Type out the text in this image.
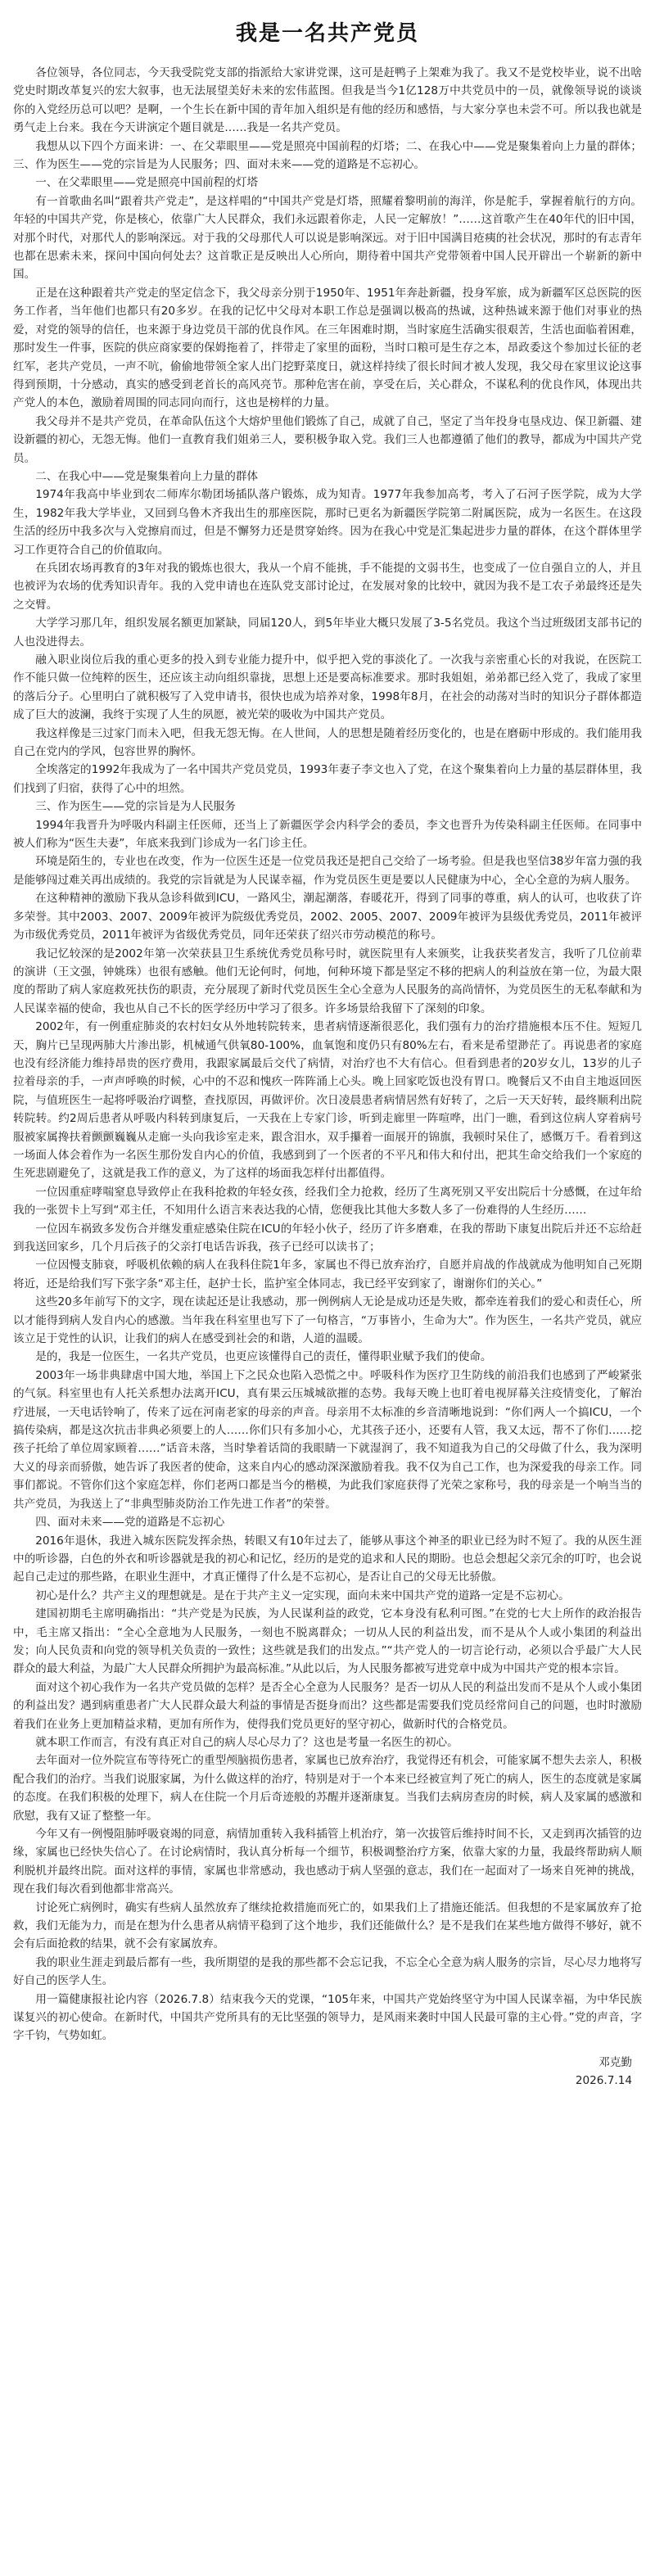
我是一名共产党员

各位领导，各位同志，今天我受院党支部的指派给大家讲党课，这可是赶鸭子上架难为我了。我又不是党校毕业，说不出啥党史时期改革复兴的宏大叙事，也无法展望美好未来的宏伟蓝图。但我是当今1亿128万中共党员中的一员，就像领导说的谈谈你的入党经历总可以吧？是啊，一个生长在新中国的青年加入组织是有他的经历和感悟，与大家分享也未尝不可。所以我也就是勇气走上台来。我在今天讲演定个题目就是……我是一名共产党员。

我想从以下四个方面来讲：一、在父辈眼里——党是照亮中国前程的灯塔；二、在我心中——党是聚集着向上力量的群体；三、作为医生——党的宗旨是为人民服务；四、面对未来——党的道路是不忘初心。

一、在父辈眼里——党是照亮中国前程的灯塔

有一首歌曲名叫“跟着共产党走”，是这样唱的“中国共产党是灯塔，照耀着黎明前的海洋，你是舵手，掌握着航行的方向。年轻的中国共产党，你是核心，依靠广大人民群众，我们永远跟着你走，人民一定解放！”……这首歌产生在40年代的旧中国，对那个时代，对那代人的影响深远。对于我的父母那代人可以说是影响深远。对于旧中国满目疮痍的社会状况，那时的有志青年也都在思索未来，探问中国向何处去？这首歌正是反映出人心所向，期待着中国共产党带领着中国人民开辟出一个崭新的新中国。

正是在这种跟着共产党走的坚定信念下，我父母亲分别于1950年、1951年奔赴新疆，投身军旅，成为新疆军区总医院的医务工作者，当年他们也都只有20多岁。在我的记忆中父母对本职工作总是强调以极高的热诚，这种热诚来源于他们对事业的热爱，对党的领导的信任，也来源于身边党员干部的优良作风。在三年困难时期，当时家庭生活确实很艰苦，生活也面临着困难，那时发生一件事，医院的供应商家要的保姆拖着了，拌带走了家里的面粉，当时口粮可是生存之本，昂政委这个参加过长征的老红军，老共产党员，一声不吭，偷偷地带领全家人出门挖野菜度日，就这样持续了很长时间才被人发现，我父母在家里议论这事得到预期，十分感动，真实的感受到老首长的高风亮节。那种危害在前，享受在后，关心群众，不谋私利的优良作风，体现出共产党人的本色，激励着周围的同志同向而行，这也是榜样的力量。

我父母并不是共产党员，在革命队伍这个大熔炉里他们锻炼了自己，成就了自己，坚定了当年投身屯垦戍边、保卫新疆、建设新疆的初心，无怨无悔。他们一直教育我们姐弟三人，要积极争取入党。我们三人也都遵循了他们的教导，都成为中国共产党员。

二、在我心中——党是聚集着向上力量的群体

1974年我高中毕业到农二师库尔勒团场插队落户锻炼，成为知青。1977年我参加高考，考入了石河子医学院，成为大学生，1982年我大学毕业，又回到乌鲁木齐我出生的那座医院，那时已更名为新疆医学院第二附属医院，成为一名医生。在这段生活的经历中我多次与入党擦肩而过，但是不懈努力还是贯穿始终。因为在我心中党是汇集起进步力量的群体，在这个群体里学习工作更符合自己的价值取向。

在兵团农场再教育的3年对我的锻炼也很大，我从一个肩不能挑，手不能提的文弱书生，也变成了一位自强自立的人，并且也被评为农场的优秀知识青年。我的入党申请也在连队党支部讨论过，在发展对象的比较中，就因为我不是工农子弟最终还是失之交臂。

大学学习那几年，组织发展名额更加紧缺，同届120人，到5年毕业大概只发展了3-5名党员。我这个当过班级团支部书记的人也没进得去。

融入职业岗位后我的重心更多的投入到专业能力提升中，似乎把入党的事淡化了。一次我与亲密重心长的对我说，在医院工作不能只做一位纯粹的医生，还应该主动向组织靠拢，思想上还是要高标准要求。那时我姐姐，弟弟都已经入党了，我成了家里的落后分子。心里明白了就积极写了入党申请书，很快也成为培养对象，1998年8月，在社会的动荡对当时的知识分子群体都造成了巨大的波澜，我终于实现了人生的夙愿，被光荣的吸收为中国共产党员。

我这样像是三过家门而未入吧，但我无怨无悔。在人世间，人的思想是随着经历变化的，也是在磨砺中形成的。我们能用我自己在党内的学风，包容世界的胸怀。

全埃落定的1992年我成为了一名中国共产党员党员，1993年妻子李文也入了党，在这个聚集着向上力量的基层群体里，我们找到了归宿，获得了心中的坦然。

三、作为医生——党的宗旨是为人民服务

1994年我晋升为呼吸内科副主任医师，还当上了新疆医学会内科学会的委员，李文也晋升为传染科副主任医师。在同事中被人们称为“医生夫妻”，年底来我到门诊成为一名门诊主任。

环境是陌生的，专业也在改变，作为一位医生还是一位党员我还是把自己交给了一场考验。但是我也坚信38岁年富力强的我是能够闯过难关再出成绩的。我党的宗旨就是为人民谋幸福，作为党员医生更是要以人民健康为中心，全心全意的为病人服务。

在这种精神的激励下我从急诊科做到ICU，一路风尘，潮起潮落，春暖花开，得到了同事的尊重，病人的认可，也收获了许多荣誉。其中2003、2007、2009年被评为院级优秀党员，2002、2005、2007、2009年被评为县级优秀党员，2011年被评为市级优秀党员，2011年被评为省级优秀党员，同年还荣获了绍兴市劳动模范的称号。

我记忆较深的是2002年第一次荣获县卫生系统优秀党员称号时，就医院里有人来颁奖，让我获奖者发言，我听了几位前辈的演讲（王文强，钟姚珠）也很有感触。他们无论何时，何地，何种环境下都是坚定不移的把病人的利益放在第一位，为最大限度的帮助了病人家庭救死扶伤的职责，充分展现了新时代党员医生全心全意为人民服务的高尚情怀，为党员医生的无私奉献和为人民谋幸福的使命，我也从自己不长的医学经历中学习了很多。许多场景给我留下了深刻的印象。

2002年，有一例重症肺炎的农村妇女从外地转院转来，患者病情逐渐很恶化，我们强有力的治疗措施根本压不住。短短几天，胸片已呈现两肺大片渗出影，机械通气供氧80-100%，血氧饱和度仍只有80%左右，看来是希望渺茫了。再说患者的家庭也没有经济能力维持昂贵的医疗费用，我跟家属最后交代了病情，对治疗也不大有信心。但看到患者的20岁女儿，13岁的儿子拉着母亲的手，一声声呼唤的时候，心中的不忍和愧疚一阵阵涌上心头。晚上回家吃饭也没有胃口。晚餐后又不由自主地返回医院，与值班医生一起将呼吸治疗调整，查找原因，再做评价。次日凌晨患者病情居然有好转了，之后一天天好转，最终顺利出院转院转。约2周后患者从呼吸内科转到康复后，一天我在上专家门诊，听到走廊里一阵喧哗，出门一瞧，看到这位病人穿着病号服被家属搀扶着颤颤巍巍从走廊一头向我诊室走来，跟含泪水，双手攥着一面展开的锦旗，我顿时呆住了，感慨万千。看着到这一场面人体会着作为一名医生那份发自内心的价值，我感到到了一个医者的不平凡和伟大和付出，把其生命交给我们一个家庭的生死悲剧避免了，这就是我工作的意义，为了这样的场面我怎样付出都值得。

一位因重症哮喘窒息导致停止在我科抢救的年轻女孩，经我们全力抢救，经历了生离死别又平安出院后十分感慨，在过年给我的一张贺卡上写到“邓主任，不知用什么语言来表达我的心情，您便我比其他大多数人多了一份难得的人生经历……

一位因车祸致多发伤合并继发重症感染住院在ICU的年轻小伙子，经历了许多磨难，在我的帮助下康复出院后并还不忘给赶到我送回家乡，几个月后孩子的父亲打电话告诉我，孩子已经可以读书了；

一位因慢支肺衰，呼吸机依赖的病人在我科住院1年多，家属也不得已放弃治疗，自愿并肩战的作战就成为他明知自己死期将近，还是给我们写下张字条“邓主任，赵护士长，监护室全体同志，我已经平安到家了，谢谢你们的关心。”

这些20多年前写下的文字，现在读起还是让我感动，那一例例病人无论是成功还是失败，都牵连着我们的爱心和责任心，所以才能得到病人发自内心的感激。当年我在科室里也写下了一句格言，“万事皆小，生命为大”。作为医生，一名共产党员，就应该立足于党性的认识，让我们的病人在感受到社会的和谐，人道的温暖。

是的，我是一位医生，一名共产党员，也更应该懂得自己的责任，懂得职业赋予我们的使命。

2003年一场非典肆虐中国大地，举国上下之民众也陷入恐慌之中。呼吸科作为医疗卫生防线的前沿我们也感到了严峻紧张的气氛。科室里也有人托关系想办法离开ICU，真有果云压城城欲摧的态势。我每天晚上也盯着电视屏幕关注疫情变化，了解治疗进展，一天电话铃响了，传来了远在河南老家的母亲的声音。母亲用不太标准的乡音清晰地说到：“你们两人一个搞ICU，一个搞传染病，都是这次抗击非典必须要上的人……你们只有多加小心，尤其孩子还小，还要有人管，我又太远，帮不了你们……挖孩子托给了单位周家顾着……”话音未落，当时挚着话筒的我眼睛一下就湿润了，我不知道我为自己的父母做了什么，我为深明大义的母亲而骄傲，她告诉了我医者的使命，这来自内心的感动深深激励着我。我不仅为自己工作，也为深爱我的母亲工作。同事们都说。不管你们这个家庭怎样，你们老两口都是当今的楷模，为此我们家庭获得了光荣之家称号，我的母亲是一个响当当的共产党员，为我送上了“非典型肺炎防治工作先进工作者”的荣誉。

四、面对未来——党的道路是不忘初心

2016年退休，我进入城东医院发挥余热，转眼又有10年过去了，能够从事这个神圣的职业已经为时不短了。我的从医生涯中的听诊器，白色的外衣和听诊器就是我的初心和记忆，经历的是党的追求和人民的期盼。也总会想起父亲冗余的叮咛，也会说起自己走过的那些路，在职业生涯中，才真正懂得了什么是不忘初心，是否让自己的父母无比骄傲。

初心是什么？共产主义的理想就是。是在于共产主义一定实现，面向未来中国共产党的道路一定是不忘初心。

建国初期毛主席明确指出：“共产党是为民族，为人民谋利益的政党，它本身没有私利可图。”在党的七大上所作的政治报告中，毛主席又指出：“全心全意地为人民服务，一刻也不脱离群众；一切从人民的利益出发，而不是从个人或小集团的利益出发；向人民负责和向党的领导机关负责的一致性；这些就是我们的出发点。”“共产党人的一切言论行动，必须以合乎最广大人民群众的最大利益，为最广大人民群众所拥护为最高标准。”从此以后，为人民服务都被写进党章中成为中国共产党的根本宗旨。

面对这个初心我作为一名共产党员做的怎样？是否全心全意为人民服务？是否一切从人民的利益出发而不是从个人或小集团的利益出发？遇到病重患者广大人民群众最大利益的事情是否挺身而出？这些都是需要我们党员经常问自己的问题，也时时激励着我们在业务上更加精益求精，更加有所作为，使得我们党员更好的坚守初心，做新时代的合格党员。

就本职工作而言，有没有真正对自己的病人尽心尽力了？这也是考量一名医生的初心。

去年面对一位外院宣布等待死亡的重型颅脑损伤患者，家属也已放弃治疗，我觉得还有机会，可能家属不想失去亲人，积极配合我们的治疗。当我们说服家属，为什么做这样的治疗，特别是对于一个本来已经被宣判了死亡的病人，医生的态度就是家属的态度。在我们积极的处理下，病人在住院一个月后奇迹般的苏醒并逐渐康复。当我们去病房查房的时候，病人及家属的感激和欣慰，我有又证了整整一年。

今年又有一例慢阻肺呼吸衰竭的同意，病情加重转入我科插管上机治疗，第一次拔管后维持时间不长，又走到再次插管的边缘，家属也已经快失信心了。在讨论病情时，我认真分析每一个细节，积极调整治疗方案，依靠大家的力量，我最终帮助病人顺利脱机并最终出院。面对这样的事情，家属也非常感动，我也感动于病人坚强的意志，我们在一起面对了一场来自死神的挑战，现在我们每次看到他都非常高兴。

讨论死亡病例时，确实有些病人虽然放弃了继续抢救措施而死亡的，如果我们上了措施还能活。但我想的不是家属放弃了抢救，我们无能为力，而是在想为什么患者从病情平稳到了这个地步，我们还能做什么？是不是我们在某些地方做得不够好，就不会有后面抢救的结果，就不会有家属放弃。

我的职业生涯走到最后都有一些，我所期望的是我的那些都不会忘记我，不忘全心全意为病人服务的宗旨，尽心尽力地将写好自己的医学人生。

用一篇健康报社论内容（2026.7.8）结束我今天的党课，“105年来，中国共产党始终坚守为中国人民谋幸福，为中华民族谋复兴的初心使命。在新时代，中国共产党所具有的无比坚强的领导力，是风雨来袭时中国人民最可靠的主心骨。”党的声音，字字千钧，气势如虹。

邓克勤
2026.7.14
